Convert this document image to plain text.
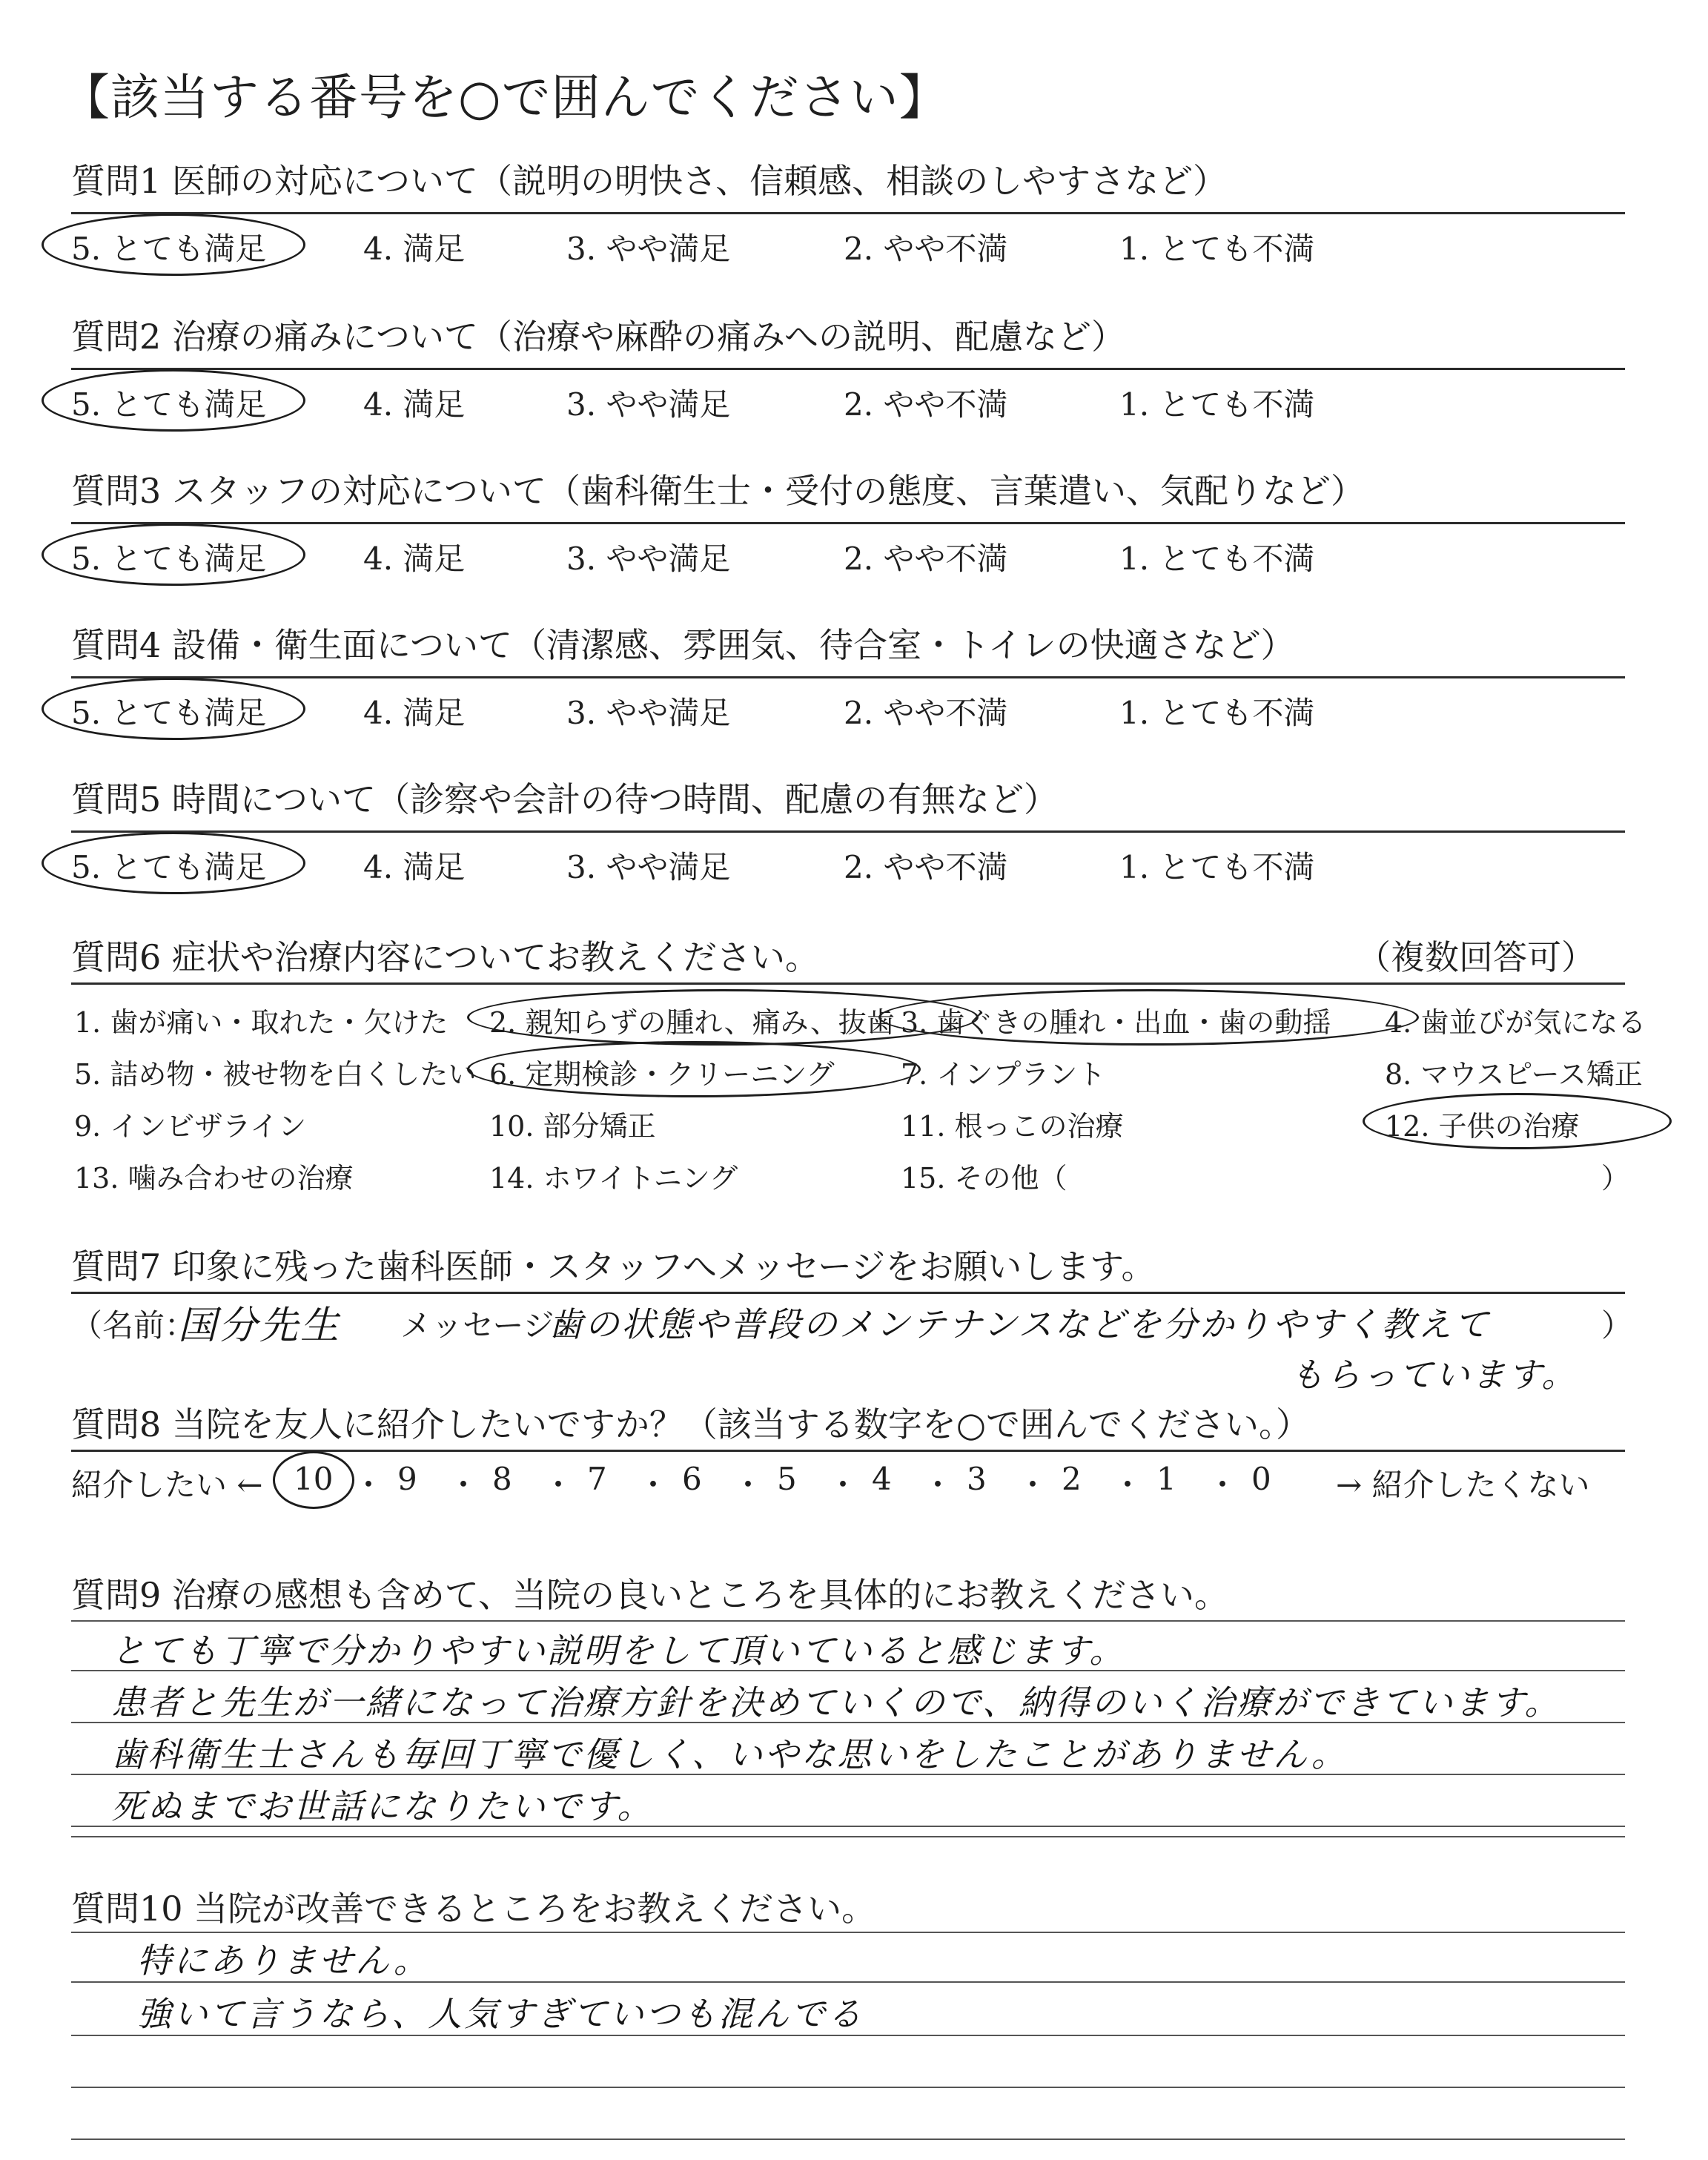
【該当する番号を○で囲んでください】
質問6 症状や治療内容についてお教えください。	（複数回答可）
質問7 印象に残った歯科医師・スタッフへメッセージをお願いします。
（名前：
国分先生 メッセージ：
歯の状態や普段のメンテナンスなどを分かりやすく教えて	）
もらっています。
質問8 当院を友人に紹介したいですか？（該当する数字を○で囲んでください。）
紹介したい ←	→ 紹介したくない
質問9 治療の感想も含めて、当院の良いところを具体的にお教えください。
質問10 当院が改善できるところをお教えください。
質問1 医師の対応について（説明の明快さ、信頼感、相談のしやすさなど）
5. とても満足	4. 満足	3. やや満足	2. やや不満	1. とても不満
質問2 治療の痛みについて（治療や麻酔の痛みへの説明、配慮など）
5. とても満足	4. 満足	3. やや満足	2. やや不満	1. とても不満
質問3 スタッフの対応について（歯科衛生士・受付の態度、言葉遣い、気配りなど）
5. とても満足	4. 満足	3. やや満足	2. やや不満	1. とても不満
質問4 設備・衛生面について（清潔感、雰囲気、待合室・トイレの快適さなど）
5. とても満足	4. 満足	3. やや満足	2. やや不満	1. とても不満
質問5 時間について（診察や会計の待つ時間、配慮の有無など）
5. とても満足	4. 満足	3. やや満足	2. やや不満	1. とても不満
1. 歯が痛い・取れた・欠けた 2. 親知らずの腫れ、痛み、抜歯 3. 歯ぐきの腫れ・出血・歯の動揺 4. 歯並びが気になる
5. 詰め物・被せ物を白くしたい 6. 定期検診・クリーニング 7. インプラント	8. マウスピース矯正
9. インビザライン	10. 部分矯正	11. 根っこの治療	12. 子供の治療
13. 噛み合わせの治療	14. ホワイトニング	15. その他（	）
10 ・ 9 ・ 8 ・ 7 ・ 6 ・ 5 ・ 4 ・ 3 ・ 2 ・ 1 ・ 0
とても丁寧で分かりやすい説明をして頂いていると感じます。
患者と先生が一緒になって治療方針を決めていくので、納得のいく治療ができています。
歯科衛生士さんも毎回丁寧で優しく、いやな思いをしたことがありません。
死ぬまでお世話になりたいです。
特にありません。
強いて言うなら、人気すぎていつも混んでる
